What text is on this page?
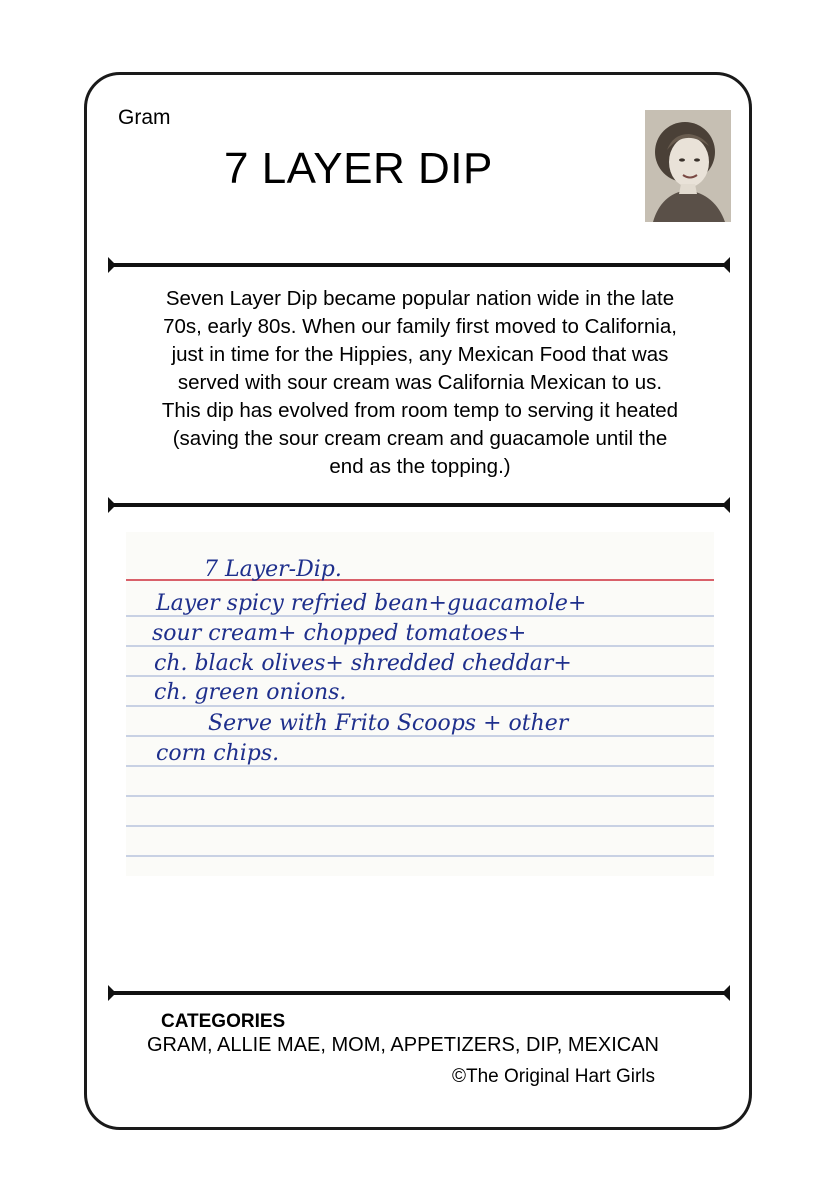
Gram
7 LAYER DIP

Seven Layer Dip became popular nation wide in the late

70s, early 80s. When our family first moved to California,

just in time for the Hippies, any Mexican Food that was

served with sour cream was California Mexican to us.

This dip has evolved from room temp to serving it heated

(saving the sour cream cream and guacamole until the

end as the topping.)

7 Layer-Dip.
Layer spicy refried bean+guacamole+
sour cream+ chopped tomatoes+
ch. black olives+ shredded cheddar+
ch. green onions.
Serve with Frito Scoops + other
corn chips.
CATEGORIES
GRAM, ALLIE MAE, MOM, APPETIZERS, DIP, MEXICAN
©The Original Hart Girls
